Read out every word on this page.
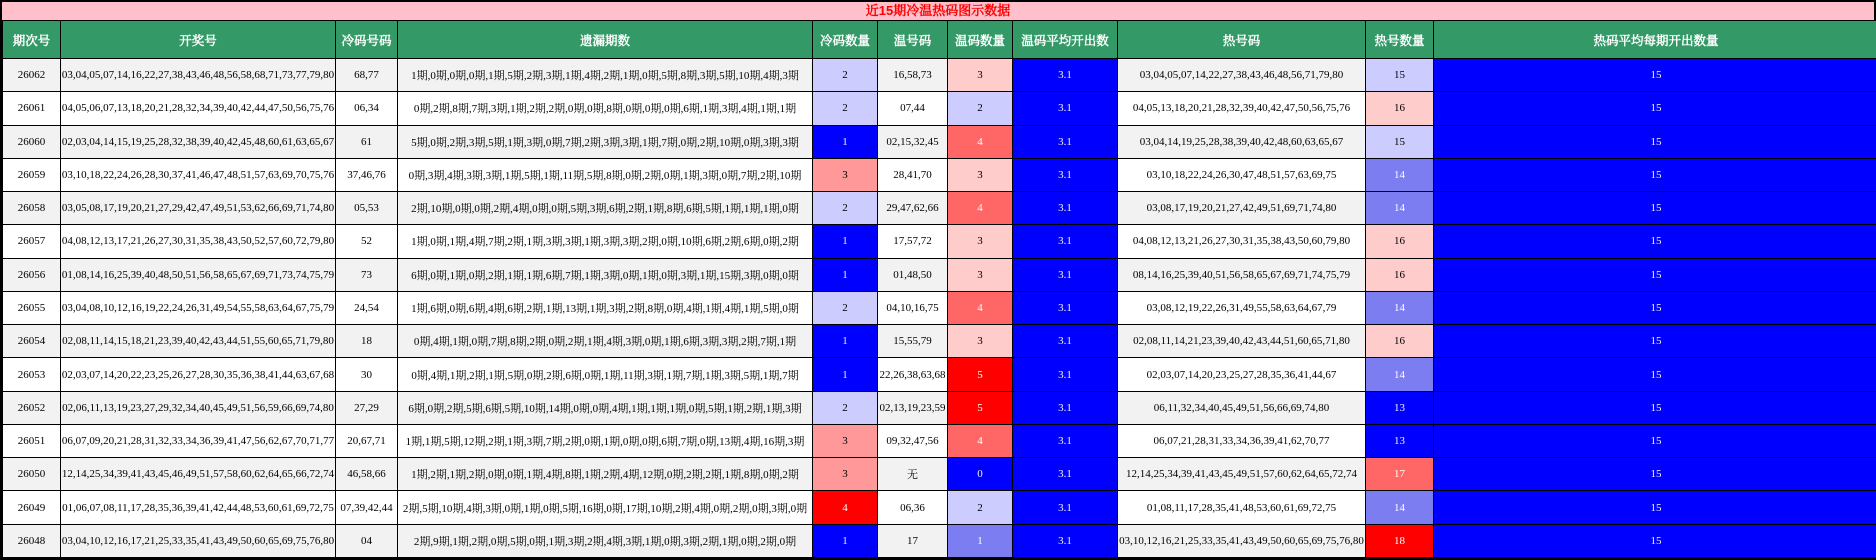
近15期冷温热码图示数据
期次号	开奖号	冷码号码	遗漏期数	冷码数量	温号码	温码数量	温码平均开出数	热号码	热号数量	热码平均每期开出数量
26062	03,04,05,07,14,16,22,27,38,43,46,48,56,58,68,71,73,77,79,80	68,77	1期,0期,0期,0期,1期,5期,2期,3期,1期,4期,2期,1期,0期,5期,8期,3期,5期,10期,4期,3期	2	16,58,73	3	3.1	03,04,05,07,14,22,27,38,43,46,48,56,71,79,80	15	15
26061	04,05,06,07,13,18,20,21,28,32,34,39,40,42,44,47,50,56,75,76	06,34	0期,2期,8期,7期,3期,1期,2期,2期,0期,0期,8期,0期,0期,0期,6期,1期,3期,4期,1期,1期	2	07,44	2	3.1	04,05,13,18,20,21,28,32,39,40,42,47,50,56,75,76	16	15
26060	02,03,04,14,15,19,25,28,32,38,39,40,42,45,48,60,61,63,65,67	61	5期,0期,2期,3期,5期,1期,3期,0期,7期,2期,3期,3期,1期,7期,0期,2期,10期,0期,3期,3期	1	02,15,32,45	4	3.1	03,04,14,19,25,28,38,39,40,42,48,60,63,65,67	15	15
26059	03,10,18,22,24,26,28,30,37,41,46,47,48,51,57,63,69,70,75,76	37,46,76	0期,3期,4期,3期,3期,1期,5期,1期,11期,5期,8期,0期,2期,0期,1期,3期,0期,7期,2期,10期	3	28,41,70	3	3.1	03,10,18,22,24,26,30,47,48,51,57,63,69,75	14	15
26058	03,05,08,17,19,20,21,27,29,42,47,49,51,53,62,66,69,71,74,80	05,53	2期,10期,0期,0期,2期,4期,0期,0期,5期,3期,6期,2期,1期,8期,6期,5期,1期,1期,1期,0期	2	29,47,62,66	4	3.1	03,08,17,19,20,21,27,42,49,51,69,71,74,80	14	15
26057	04,08,12,13,17,21,26,27,30,31,35,38,43,50,52,57,60,72,79,80	52	1期,0期,1期,4期,7期,2期,1期,3期,3期,1期,3期,3期,2期,0期,10期,6期,2期,6期,0期,2期	1	17,57,72	3	3.1	04,08,12,13,21,26,27,30,31,35,38,43,50,60,79,80	16	15
26056	01,08,14,16,25,39,40,48,50,51,56,58,65,67,69,71,73,74,75,79	73	6期,0期,1期,0期,2期,1期,1期,6期,7期,1期,3期,0期,1期,0期,3期,1期,15期,3期,0期,0期	1	01,48,50	3	3.1	08,14,16,25,39,40,51,56,58,65,67,69,71,74,75,79	16	15
26055	03,04,08,10,12,16,19,22,24,26,31,49,54,55,58,63,64,67,75,79	24,54	1期,6期,0期,6期,4期,6期,2期,1期,13期,1期,3期,2期,8期,0期,4期,1期,4期,1期,5期,0期	2	04,10,16,75	4	3.1	03,08,12,19,22,26,31,49,55,58,63,64,67,79	14	15
26054	02,08,11,14,15,18,21,23,39,40,42,43,44,51,55,60,65,71,79,80	18	0期,4期,1期,0期,7期,8期,2期,0期,2期,1期,4期,3期,0期,1期,6期,3期,3期,2期,7期,1期	1	15,55,79	3	3.1	02,08,11,14,21,23,39,40,42,43,44,51,60,65,71,80	16	15
26053	02,03,07,14,20,22,23,25,26,27,28,30,35,36,38,41,44,63,67,68	30	0期,4期,1期,2期,1期,5期,0期,2期,6期,0期,1期,11期,3期,1期,7期,1期,3期,5期,1期,7期	1	22,26,38,63,68	5	3.1	02,03,07,14,20,23,25,27,28,35,36,41,44,67	14	15
26052	02,06,11,13,19,23,27,29,32,34,40,45,49,51,56,59,66,69,74,80	27,29	6期,0期,2期,5期,6期,5期,10期,14期,0期,0期,4期,1期,1期,1期,0期,5期,1期,2期,1期,3期	2	02,13,19,23,59	5	3.1	06,11,32,34,40,45,49,51,56,66,69,74,80	13	15
26051	06,07,09,20,21,28,31,32,33,34,36,39,41,47,56,62,67,70,71,77	20,67,71	1期,1期,5期,12期,2期,1期,3期,7期,2期,0期,1期,0期,0期,6期,7期,0期,13期,4期,16期,3期	3	09,32,47,56	4	3.1	06,07,21,28,31,33,34,36,39,41,62,70,77	13	15
26050	12,14,25,34,39,41,43,45,46,49,51,57,58,60,62,64,65,66,72,74	46,58,66	1期,2期,1期,2期,0期,0期,1期,4期,8期,1期,2期,4期,12期,0期,2期,2期,1期,8期,0期,2期	3	无	0	3.1	12,14,25,34,39,41,43,45,49,51,57,60,62,64,65,72,74	17	15
26049	01,06,07,08,11,17,28,35,36,39,41,42,44,48,53,60,61,69,72,75	07,39,42,44	2期,5期,10期,4期,3期,0期,1期,0期,5期,16期,0期,17期,10期,2期,4期,0期,2期,0期,3期,0期	4	06,36	2	3.1	01,08,11,17,28,35,41,48,53,60,61,69,72,75	14	15
26048	03,04,10,12,16,17,21,25,33,35,41,43,49,50,60,65,69,75,76,80	04	2期,9期,1期,2期,0期,5期,0期,1期,3期,2期,4期,3期,1期,0期,3期,2期,1期,0期,2期,0期	1	17	1	3.1	03,10,12,16,21,25,33,35,41,43,49,50,60,65,69,75,76,80	18	15
